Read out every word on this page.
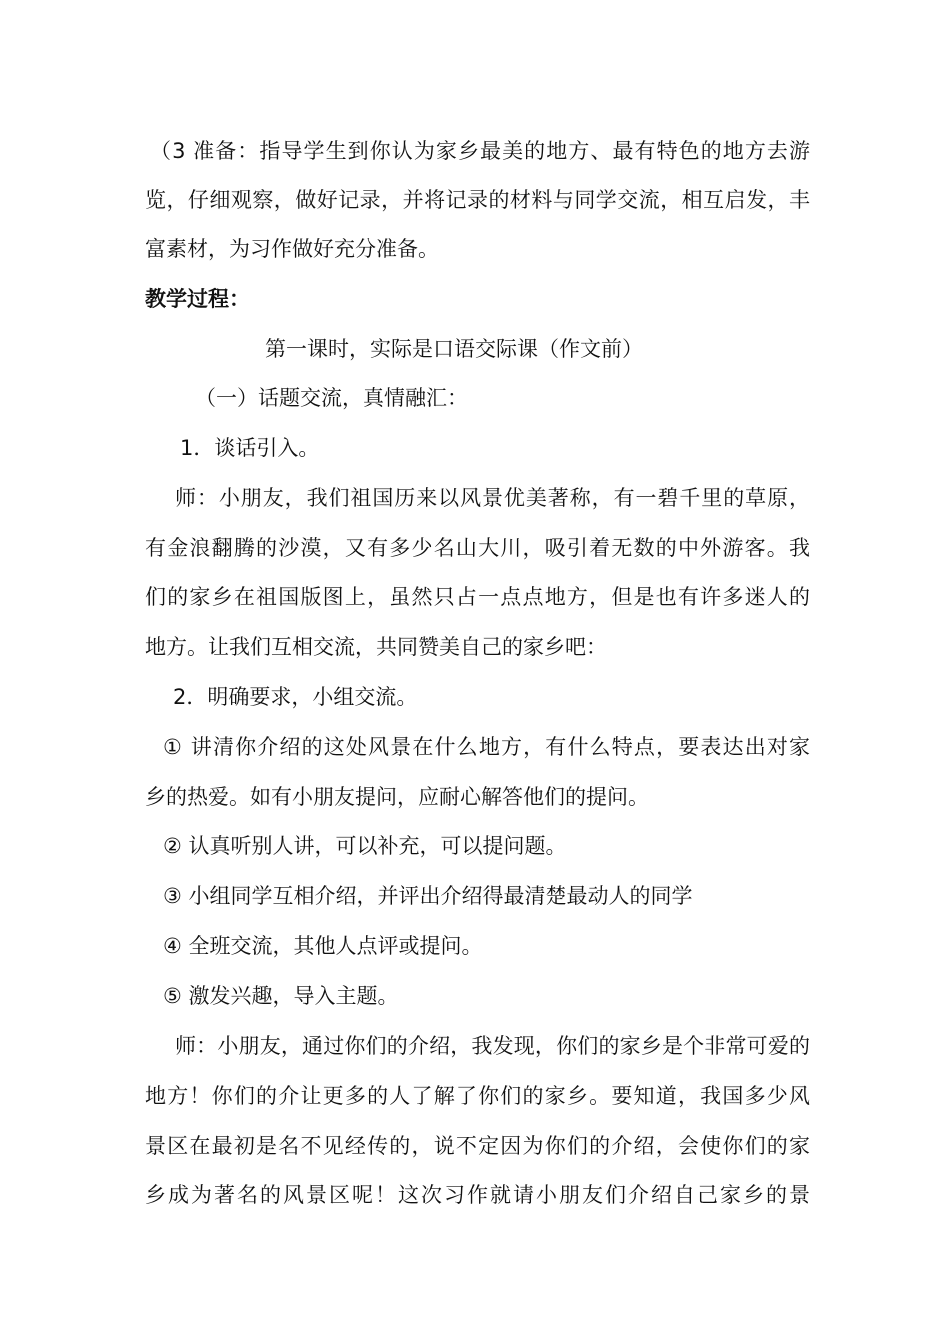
（3 准备：指导学生到你认为家乡最美的地方、最有特色的地方去游
览，仔细观察，做好记录，并将记录的材料与同学交流，相互启发，丰
富素材，为习作做好充分准备。
教学过程：
第一课时，实际是口语交际课（作文前）
（一）话题交流，真情融汇：
1．谈话引入。
师：小朋友，我们祖国历来以风景优美著称，有一碧千里的草原，
有金浪翻腾的沙漠，又有多少名山大川，吸引着无数的中外游客。我
们的家乡在祖国版图上，虽然只占一点点地方，但是也有许多迷人的
地方。让我们互相交流，共同赞美自己的家乡吧：
2．明确要求，小组交流。
① 讲清你介绍的这处风景在什么地方，有什么特点，要表达出对家
乡的热爱。如有小朋友提问，应耐心解答他们的提问。
② 认真听别人讲，可以补充，可以提问题。
③ 小组同学互相介绍，并评出介绍得最清楚最动人的同学
④ 全班交流，其他人点评或提问。
⑤ 激发兴趣，导入主题。
师：小朋友，通过你们的介绍，我发现，你们的家乡是个非常可爱的
地方！你们的介让更多的人了解了你们的家乡。要知道，我国多少风
景区在最初是名不见经传的，说不定因为你们的介绍，会使你们的家
乡成为著名的风景区呢！这次习作就请小朋友们介绍自己家乡的景
